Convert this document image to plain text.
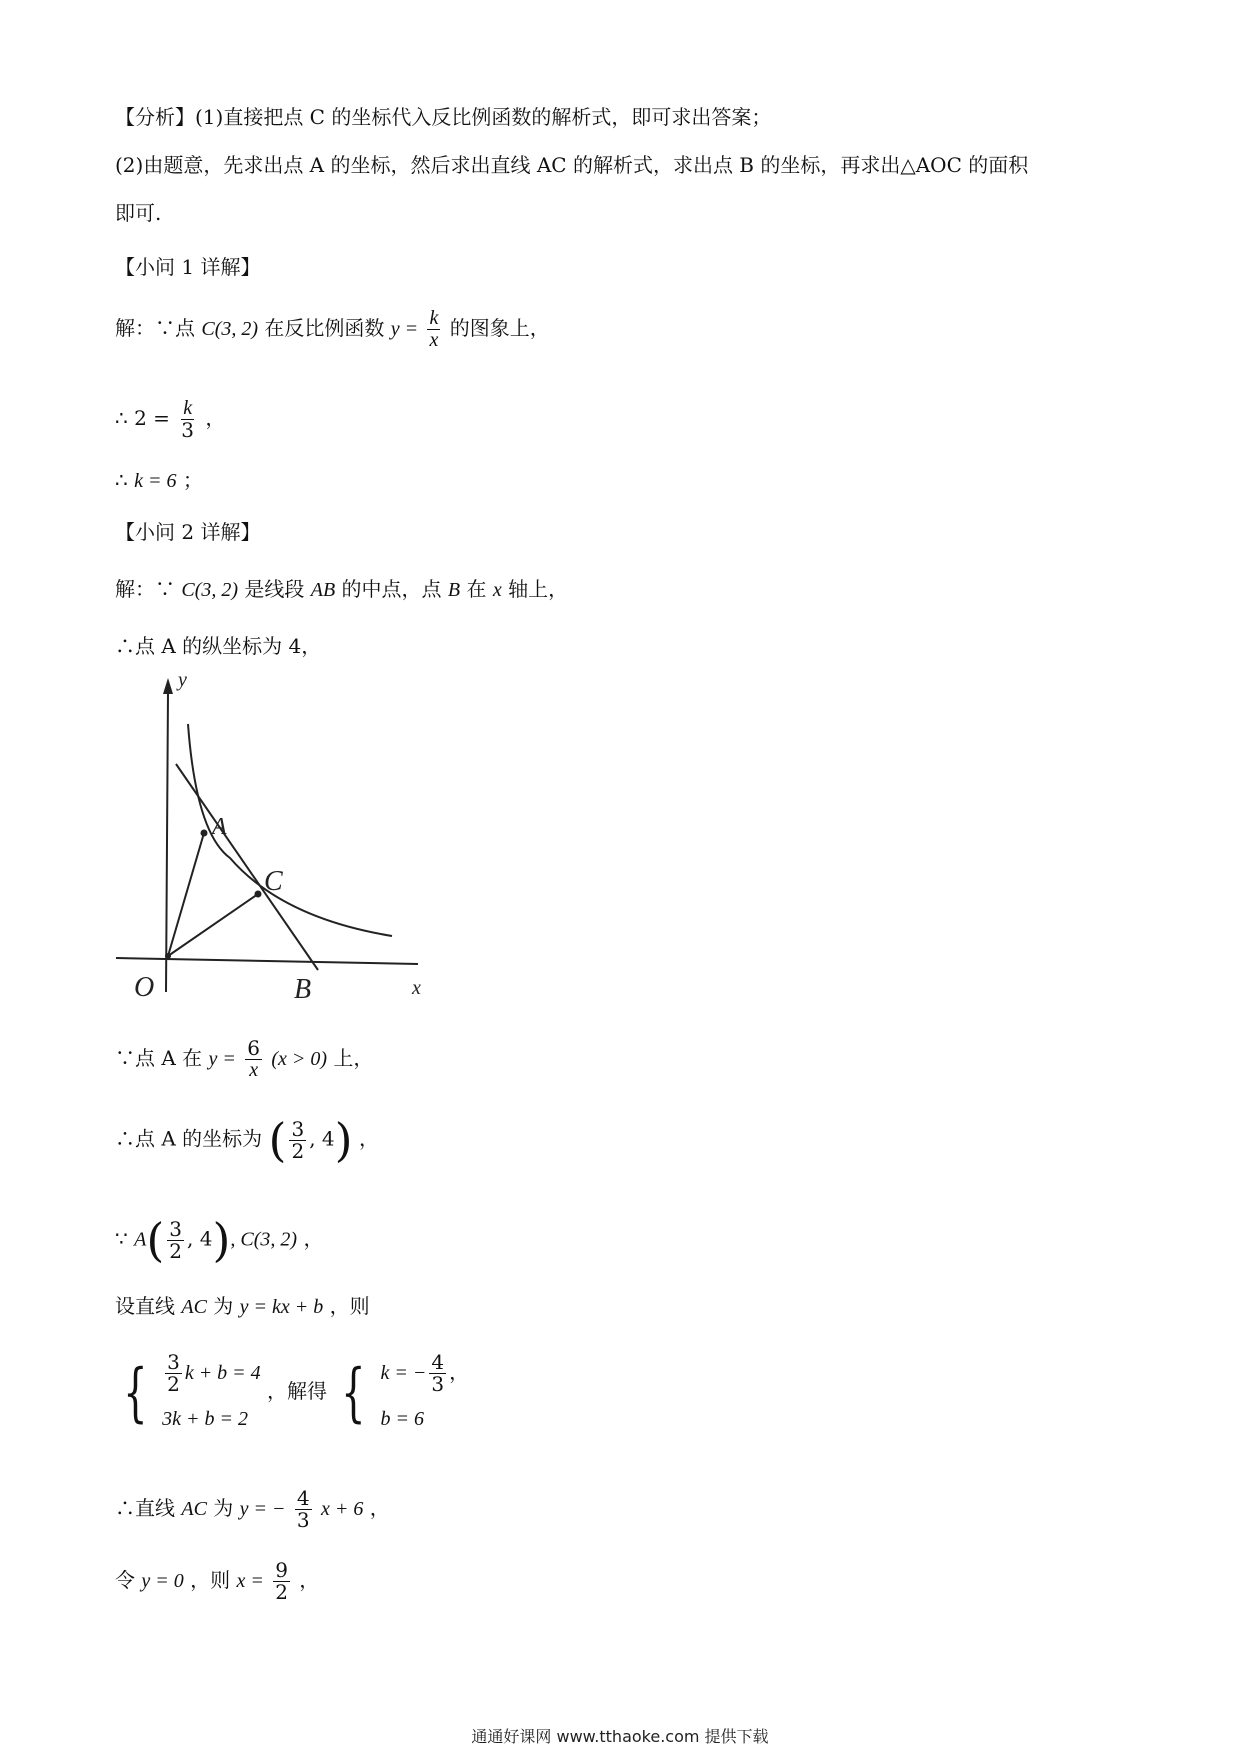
【分析】(1)直接把点 C 的坐标代入反比例函数的解析式，即可求出答案；
(2)由题意，先求出点 A 的坐标，然后求出直线 AC 的解析式，求出点 B 的坐标，再求出△AOC 的面积
即可.
【小问 1 详解】
解：∵点 C(3, 2) 在反比例函数 $y = \frac{k}{x}$ 的图象上，
∴ $2 = \frac{k}{3}$ ，
∴ k = 6 ；
【小问 2 详解】
解：∵ C(3, 2) 是线段 AB 的中点，点 B 在 x 轴上，
∴点 A 的纵坐标为 4，
y
A
C
O	B	x
∵点 A 在 $y = \frac{6}{x} (x > 0)$ 上，
∴点 A 的坐标为 ( $\frac{3}{2}$ , 4) ，
∵ $A( \frac{3}{2}$ , 4), C(3, 2) ，
设直线 AC 为 y = kx + b ，则
{ $\frac{3}{2}$ k + b = 4
3k + b = 2
，解得 { k = − $\frac{4}{3}$ ，
b = 6
∴直线 AC 为 y = − $\frac{4}{3}$ x + 6 ，
令 y = 0 ，则 $x = \frac{9}{2}$ ，
通通好课网 www.tthaoke.com 提供下载
